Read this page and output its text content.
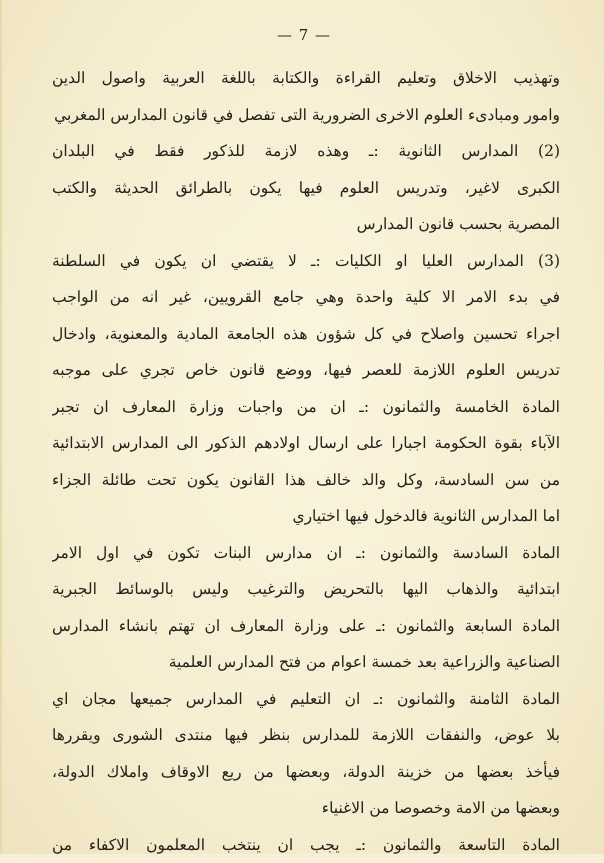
— 7 —
وتهذيب الاخلاق وتعليم القراءة والكتابة باللغة العربية واصول الدين
وامور ومبادىء العلوم الاخرى الضرورية التى تفصل في قانون المدارس المغربي
(2) المدارس الثانوية :ـ وهذه لازمة للذكور فقط في البلدان
الكبرى لاغير، وتدريس العلوم فيها يكون بالطرائق الحديثة والكتب
المصرية بحسب قانون المدارس
(3) المدارس العليا او الكليات :ـ لا يقتضي ان يكون في السلطنة
في بدء الامر الا كلية واحدة وهي جامع القرويين، غير انه من الواجب
اجراء تحسين واصلاح في كل شؤون هذه الجامعة المادية والمعنوية، وادخال
تدريس العلوم اللازمة للعصر فيها، ووضع قانون خاص تجري على موجبه
المادة الخامسة والثمانون :ـ ان من واجبات وزارة المعارف ان تجبر
الآباء بقوة الحكومة اجبارا على ارسال اولادهم الذكور الى المدارس الابتدائية
من سن السادسة، وكل والد خالف هذا القانون يكون تحت طائلة الجزاء
اما المدارس الثانوية فالدخول فيها اختياري
المادة السادسة والثمانون :ـ ان مدارس البنات تكون في اول الامر
ابتدائية والذهاب اليها بالتحريض والترغيب وليس بالوسائط الجبرية
المادة السابعة والثمانون :ـ على وزارة المعارف ان تهتم بانشاء المدارس
الصناعية والزراعية بعد خمسة اعوام من فتح المدارس العلمية
المادة الثامنة والثمانون :ـ ان التعليم في المدارس جميعها مجان اي
بلا عوض، والنفقات اللازمة للمدارس بنظر فيها منتدى الشورى ويقررها
فيأخذ بعضها من خزينة الدولة، وبعضها من ريع الاوقاف واملاك الدولة،
وبعضها من الامة وخصوصا من الاغنياء
المادة التاسعة والثمانون :ـ يجب ان ينتخب المعلمون الاكفاء من
